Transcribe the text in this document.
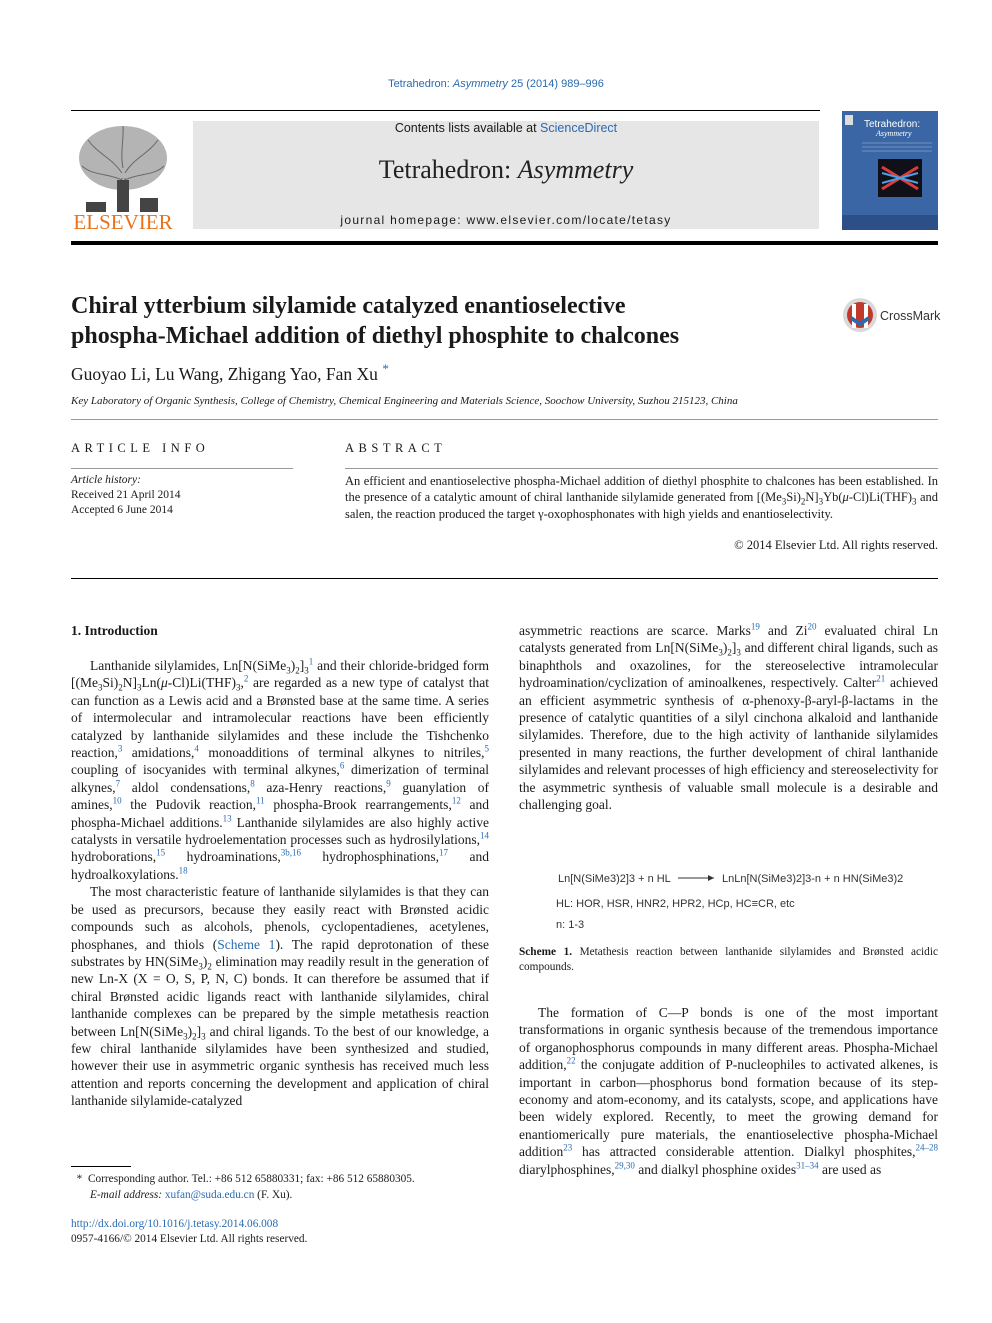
Tetrahedron: Asymmetry 25 (2014) 989–996
ELSEVIER
Contents lists available at ScienceDirect
Tetrahedron: Asymmetry
journal homepage: www.elsevier.com/locate/tetasy
Tetrahedron:
Asymmetry
Chiral ytterbium silylamide catalyzed enantioselective
phospha-Michael addition of diethyl phosphite to chalcones
CrossMark
Guoyao Li, Lu Wang, Zhigang Yao, Fan Xu *
Key Laboratory of Organic Synthesis, College of Chemistry, Chemical Engineering and Materials Science, Soochow University, Suzhou 215123, China
ARTICLE INFO	ABSTRACT
Article history:
Received 21 April 2014
Accepted 6 June 2014
An efficient and enantioselective phospha-Michael addition of diethyl phosphite to chalcones has been established. In the presence of a catalytic amount of chiral lanthanide silylamide generated from $[(Me_3Si)_2N]_3Yb(\mu-Cl)Li(THF)_3$ and salen, the reaction produced the target γ-oxophosphonates with high yields and enantioselectivity.
© 2014 Elsevier Ltd. All rights reserved.
1. Introduction

Lanthanide silylamides, $Ln[N(SiMe_3)_2]_3^1$ and their chloride-bridged form $[(Me_3Si)_2N]_3Ln(\mu-Cl)Li(THF)_3,^2$ are regarded as a new type of catalyst that can function as a Lewis acid and a Brønsted base at the same time. A series of intermolecular and intramolecular reactions have been efficiently catalyzed by lanthanide silylamides and these include the Tishchenko reaction,$^3$ amidations,$^4$ monoadditions of terminal alkynes to nitriles,$^5$ coupling of isocyanides with terminal alkynes,$^6$ dimerization of terminal alkynes,$^7$ aldol condensations,$^8$ aza-Henry reactions,$^9$ guanylation of amines,$^{10}$ the Pudovik reaction,$^{11}$ phospha-Brook rearrangements,$^{12}$ and phospha-Michael additions.$^{13}$ Lanthanide silylamides are also highly active catalysts in versatile hydroelementation processes such as hydrosilylations,$^{14}$ hydroborations,$^{15}$ hydroaminations,$^{3b,16}$ hydrophosphinations,$^{17}$ and hydroalkoxylations.$^{18}$

The most characteristic feature of lanthanide silylamides is that they can be used as precursors, because they easily react with Brønsted acidic compounds such as alcohols, phenols, cyclopentadienes, acetylenes, phosphanes, and thiols (Scheme 1). The rapid deprotonation of these substrates by $HN(SiMe_3)_2$ elimination may readily result in the generation of new Ln-X (X = O, S, P, N, C) bonds. It can therefore be assumed that if chiral Brønsted acidic ligands react with lanthanide silylamides, chiral lanthanide complexes can be prepared by the simple metathesis reaction between $Ln[N(SiMe_3)_2]_3$ and chiral ligands. To the best of our knowledge, a few chiral lanthanide silylamides have been synthesized and studied, however their use in asymmetric organic synthesis has received much less attention and reports concerning the development and application of chiral lanthanide silylamide-catalyzed

asymmetric reactions are scarce. Marks$^{19}$ and Zi$^{20}$ evaluated chiral Ln catalysts generated from $Ln[N(SiMe_3)_2]_3$ and different chiral ligands, such as binaphthols and oxazolines, for the stereoselective intramolecular hydroamination/cyclization of aminoalkenes, respectively. Calter$^{21}$ achieved an efficient asymmetric synthesis of α-phenoxy-β-aryl-β-lactams in the presence of catalytic quantities of a silyl cinchona alkaloid and lanthanide silylamides. Therefore, due to the high activity of lanthanide silylamides presented in many reactions, the further development of chiral lanthanide silylamides and relevant processes of high efficiency and stereoselectivity for the asymmetric synthesis of valuable small molecule is a desirable and challenging goal.

Ln[N(SiMe3)2]3 + n HL	LnLn[N(SiMe3)2]3-n + n HN(SiMe3)2
HL: HOR, HSR, HNR2, HPR2, HCp, HC≡CR, etc
n: 1-3
Scheme 1. Metathesis reaction between lanthanide silylamides and Brønsted acidic compounds.

The formation of C—P bonds is one of the most important transformations in organic synthesis because of the tremendous importance of organophosphorus compounds in many different areas. Phospha-Michael addition,$^{22}$ the conjugate addition of P-nucleophiles to activated alkenes, is important in carbon—phosphorus bond formation because of its step-economy and atom-economy, and its catalysts, scope, and applications have been widely explored. Recently, to meet the growing demand for enantiomerically pure materials, the enantioselective phospha-Michael addition$^{23}$ has attracted considerable attention. Dialkyl phosphites,$^{24-28}$ diarylphosphines,$^{29,30}$ and dialkyl phosphine oxides$^{31-34}$ are used as

* Corresponding author. Tel.: +86 512 65880331; fax: +86 512 65880305.
E-mail address: xufan@suda.edu.cn (F. Xu).
http://dx.doi.org/10.1016/j.tetasy.2014.06.008
0957-4166/© 2014 Elsevier Ltd. All rights reserved.
